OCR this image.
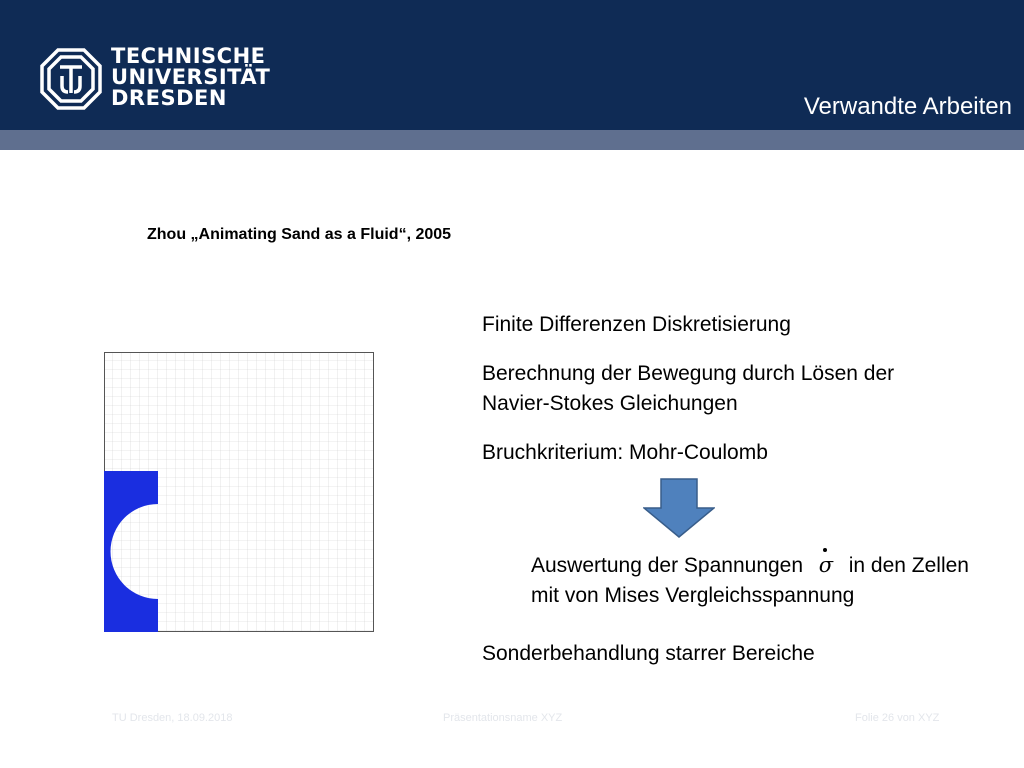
TECHNISCHE
UNIVERSITÄT
DRESDEN	Verwandte Arbeiten
Zhou „Animating Sand as a Fluid“, 2005
Finite Differenzen Diskretisierung
Berechnung der Bewegung durch Lösen der
Navier-Stokes Gleichungen
Bruchkriterium: Mohr-Coulomb
Auswertung der Spannungen σ in den Zellen
mit von Mises Vergleichsspannung
Sonderbehandlung starrer Bereiche
TU Dresden, 18.09.2018	Präsentationsname XYZ	Folie 26 von XYZ
